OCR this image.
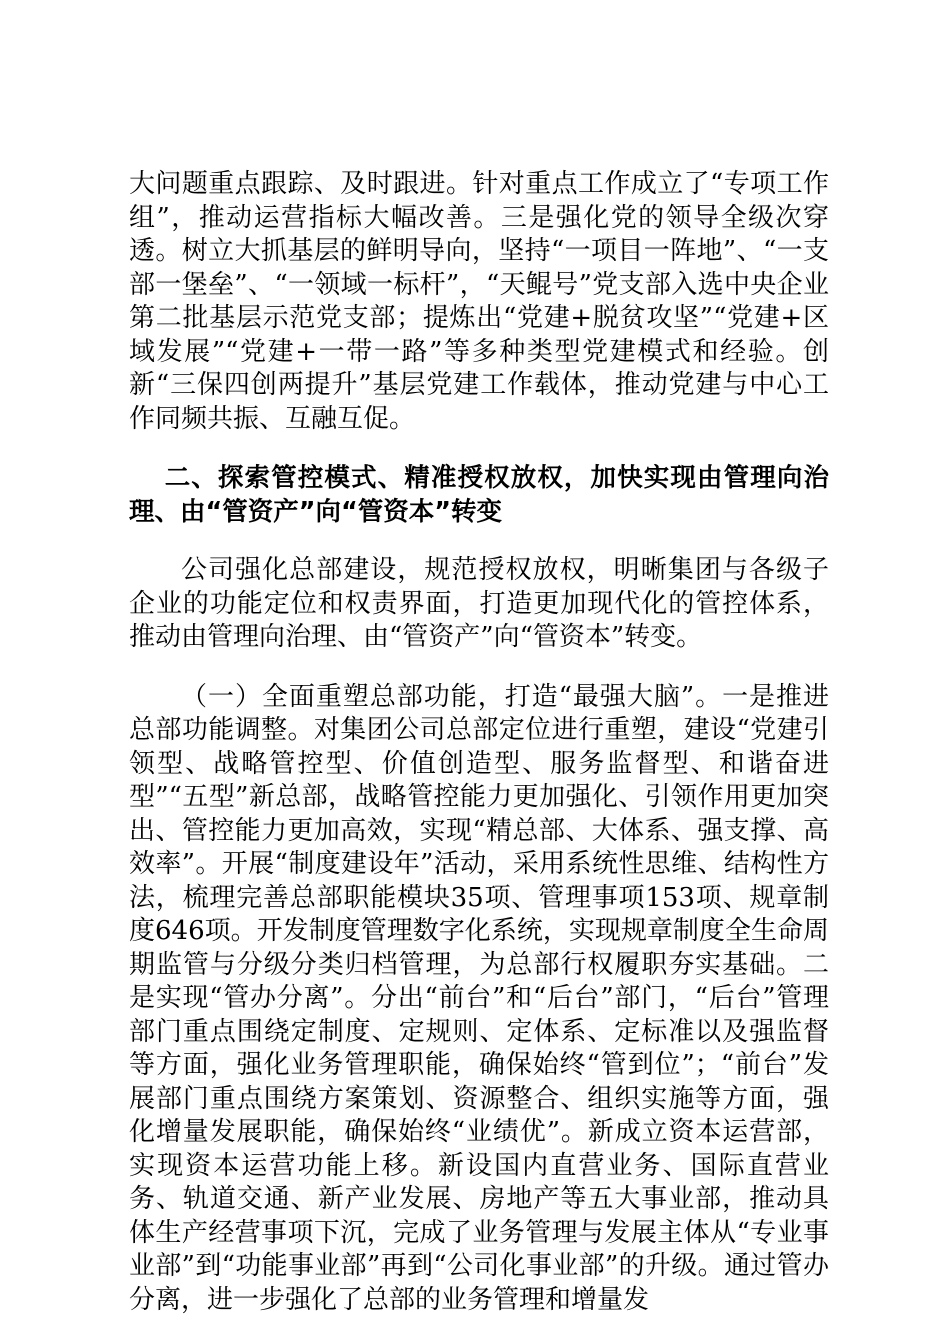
大问题重点跟踪、及时跟进。针对重点工作成立了“专项工作组”，推动运营指标大幅改善。三是强化党的领导全级次穿透。树立大抓基层的鲜明导向，坚持“一项目一阵地”、“一支部一堡垒”、“一领域一标杆”，“天鲲号”党支部入选中央企业第二批基层示范党支部；提炼出“党建+脱贫攻坚”“党建+区域发展”“党建+一带一路”等多种类型党建模式和经验。创新“三保四创两提升”基层党建工作载体，推动党建与中心工作同频共振、互融互促。

二、探索管控模式、精准授权放权，加快实现由管理向治理、由“管资产”向“管资本”转变

公司强化总部建设，规范授权放权，明晰集团与各级子企业的功能定位和权责界面，打造更加现代化的管控体系，推动由管理向治理、由“管资产”向“管资本”转变。

（一）全面重塑总部功能，打造“最强大脑”。一是推进总部功能调整。对集团公司总部定位进行重塑，建设“党建引领型、战略管控型、价值创造型、服务监督型、和谐奋进型”“五型”新总部，战略管控能力更加强化、引领作用更加突出、管控能力更加高效，实现“精总部、大体系、强支撑、高效率”。开展“制度建设年”活动，采用系统性思维、结构性方法，梳理完善总部职能模块35项、管理事项153项、规章制度646项。开发制度管理数字化系统，实现规章制度全生命周期监管与分级分类归档管理，为总部行权履职夯实基础。二是实现“管办分离”。分出“前台”和“后台”部门，“后台”管理部门重点围绕定制度、定规则、定体系、定标准以及强监督等方面，强化业务管理职能，确保始终“管到位”；“前台”发展部门重点围绕方案策划、资源整合、组织实施等方面，强化增量发展职能，确保始终“业绩优”。新成立资本运营部，实现资本运营功能上移。新设国内直营业务、国际直营业务、轨道交通、新产业发展、房地产等五大事业部，推动具体生产经营事项下沉，完成了业务管理与发展主体从“专业事业部”到“功能事业部”再到“公司化事业部”的升级。通过管办分离，进一步强化了总部的业务管理和增量发
